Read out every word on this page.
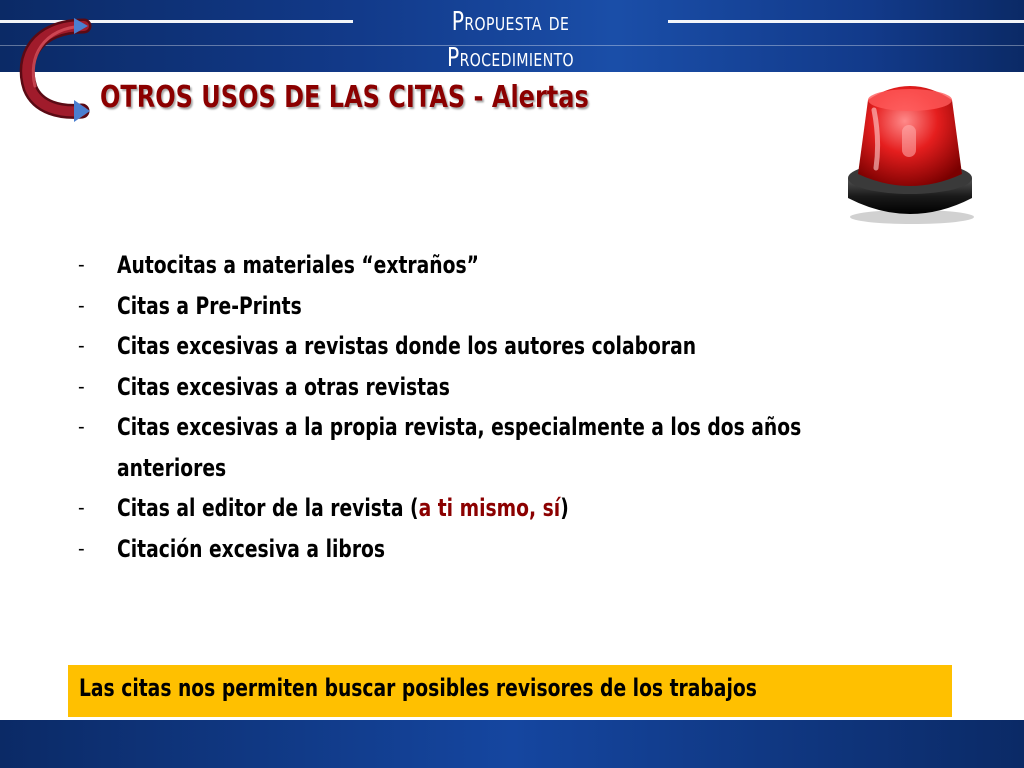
Propuesta de Procedimiento
OTROS USOS DE LAS CITAS - Alertas
- Autocitas a materiales “extraños”
- Citas a Pre-Prints
- Citas excesivas a revistas donde los autores colaboran
- Citas excesivas a otras revistas
- Citas excesivas a la propia revista, especialmente a los dos años
anteriores
- Citas al editor de la revista (a ti mismo, sí)
- Citación excesiva a libros
Las citas nos permiten buscar posibles revisores de los trabajos
